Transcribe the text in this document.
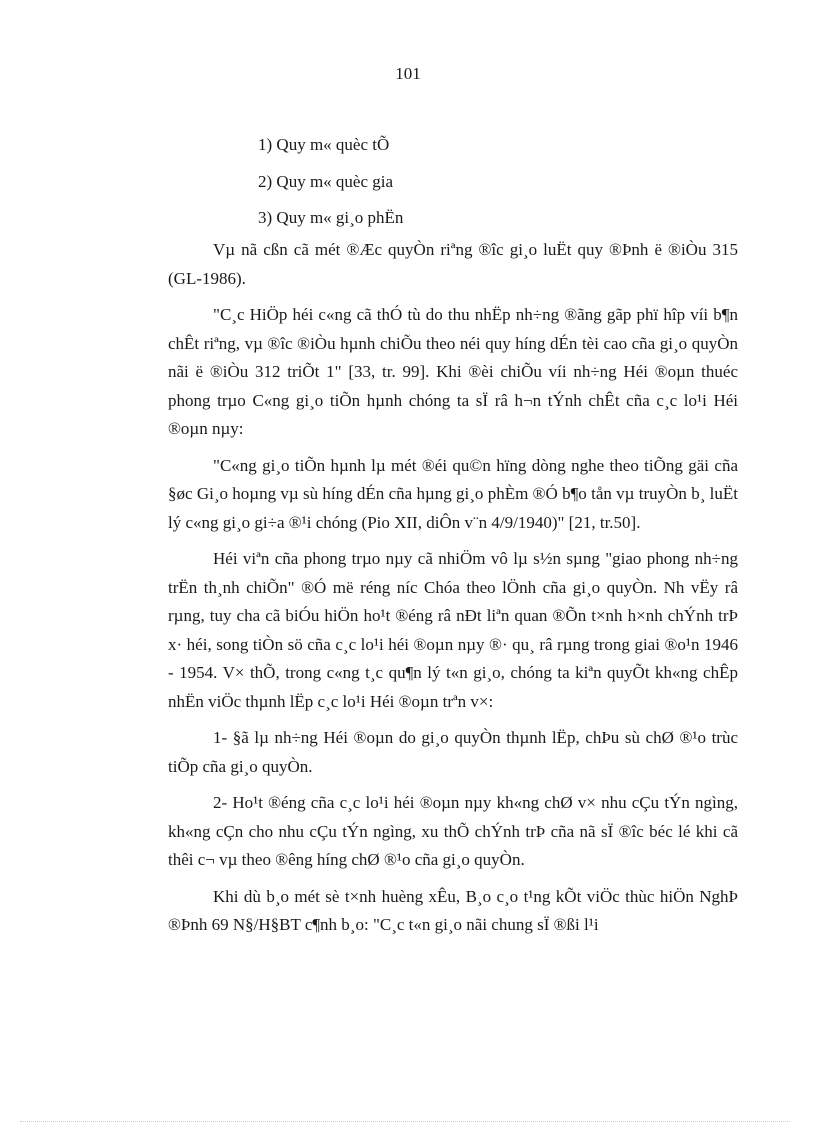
101

1) Quy m« quèc tÕ

2) Quy m« quèc gia

3) Quy m« gi¸o phËn

Vµ nã cßn cã mét ®Æc quyÒn riªng ®îc gi¸o luËt quy ®Þnh ë ®iÒu 315 (GL-1986).

"C¸c HiÖp héi c«ng cã thÓ tù do thu nhËp nh÷ng ®ãng gãp phï hîp víi b¶n chÊt riªng, vµ ®îc ®iÒu hµnh chiÕu theo néi quy híng dÉn tèi cao cña gi¸o quyÒn nãi ë ®iÒu 312 triÕt 1" [33, tr. 99]. Khi ®èi chiÕu víi nh÷ng Héi ®oµn thuéc phong trµo C«ng gi¸o tiÕn hµnh chóng ta sÏ râ h¬n tÝnh chÊt cña c¸c lo¹i Héi ®oµn nµy:

"C«ng gi¸o tiÕn hµnh lµ mét ®éi qu©n hïng dòng nghe theo tiÕng gäi cña §øc Gi¸o hoµng vµ sù híng dÉn cña hµng gi¸o phÈm ®Ó b¶o tån vµ truyÒn b¸ luËt lý c«ng gi¸o gi÷a ®¹i chóng (Pio XII, diÔn v¨n 4/9/1940)" [21, tr.50].

Héi viªn cña phong trµo nµy cã nhiÖm vô lµ s½n sµng "giao phong nh÷ng trËn th¸nh chiÕn" ®Ó më réng níc Chóa theo lÖnh cña gi¸o quyÒn. Nh vËy râ rµng, tuy cha cã biÓu hiÖn ho¹t ®éng râ nÐt liªn quan ®Õn t×nh h×nh chÝnh trÞ x· héi, song tiÒn sö cña c¸c lo¹i héi ®oµn nµy ®· qu¸ râ rµng trong giai ®o¹n 1946 - 1954. V× thÕ, trong c«ng t¸c qu¶n lý t«n gi¸o, chóng ta kiªn quyÕt kh«ng chÊp nhËn viÖc thµnh lËp c¸c lo¹i Héi ®oµn trªn v×:

1- §ã lµ nh÷ng Héi ®oµn do gi¸o quyÒn thµnh lËp, chÞu sù chØ ®¹o trùc tiÕp cña gi¸o quyÒn.

2- Ho¹t ®éng cña c¸c lo¹i héi ®oµn nµy kh«ng chØ v× nhu cÇu tÝn ngìng, kh«ng cÇn cho nhu cÇu tÝn ngìng, xu thÕ chÝnh trÞ cña nã sÏ ®îc béc lé khi cã thêi c¬ vµ theo ®êng híng chØ ®¹o cña gi¸o quyÒn.

Khi dù b¸o mét sè t×nh huèng xÊu, B¸o c¸o t¹ng kÕt viÖc thùc hiÖn NghÞ ®Þnh 69 N§/H§BT c¶nh b¸o: "C¸c t«n gi¸o nãi chung sÏ ®ßi l¹i
